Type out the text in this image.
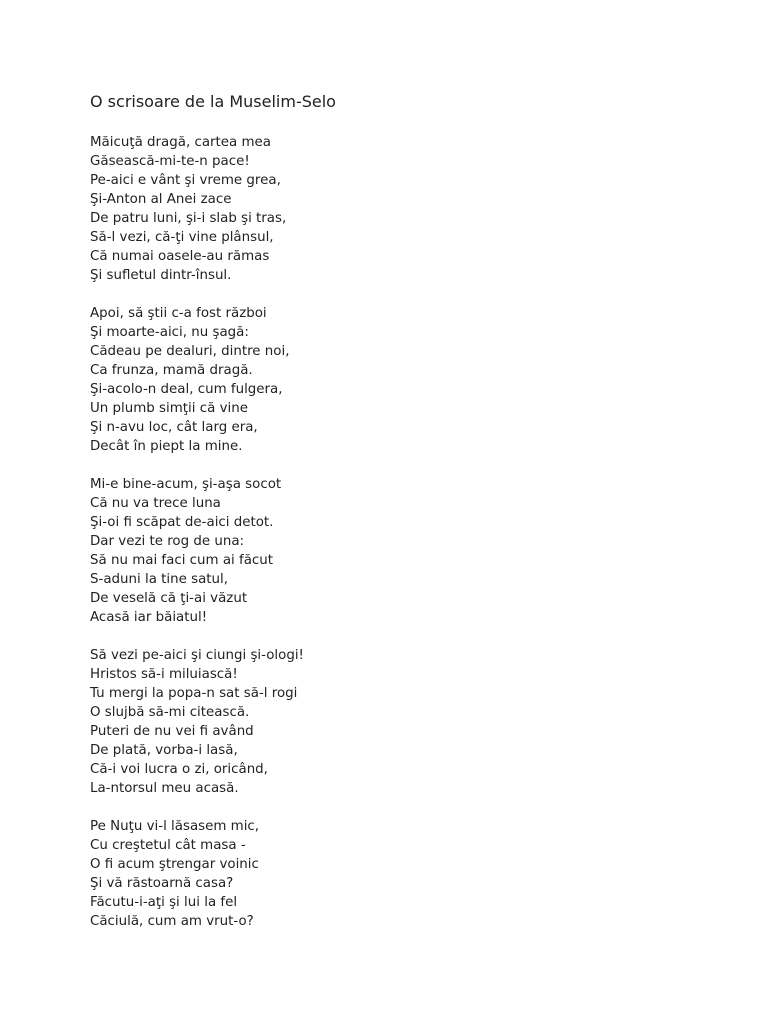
O scrisoare de la Muselim-Selo
Măicuţă dragă, cartea mea
Găsească-mi-te-n pace!
Pe-aici e vânt şi vreme grea,
Şi-Anton al Anei zace
De patru luni, şi-i slab şi tras,
Să-l vezi, că-ţi vine plânsul,
Că numai oasele-au rămas
Şi sufletul dintr-însul.
Apoi, să ştii c-a fost război
Şi moarte-aici, nu şagă:
Cădeau pe dealuri, dintre noi,
Ca frunza, mamă dragă.
Şi-acolo-n deal, cum fulgera,
Un plumb simţii că vine
Şi n-avu loc, cât larg era,
Decât în piept la mine.
Mi-e bine-acum, şi-aşa socot
Că nu va trece luna
Şi-oi fi scăpat de-aici detot.
Dar vezi te rog de una:
Să nu mai faci cum ai făcut
S-aduni la tine satul,
De veselă că ţi-ai văzut
Acasă iar băiatul!
Să vezi pe-aici şi ciungi şi-ologi!
Hristos să-i miluiască!
Tu mergi la popa-n sat să-l rogi
O slujbă să-mi citească.
Puteri de nu vei fi având
De plată, vorba-i lasă,
Că-i voi lucra o zi, oricând,
La-ntorsul meu acasă.
Pe Nuţu vi-l lăsasem mic,
Cu creştetul cât masa -
O fi acum ştrengar voinic
Şi vă răstoarnă casa?
Făcutu-i-aţi şi lui la fel
Căciulă, cum am vrut-o?
